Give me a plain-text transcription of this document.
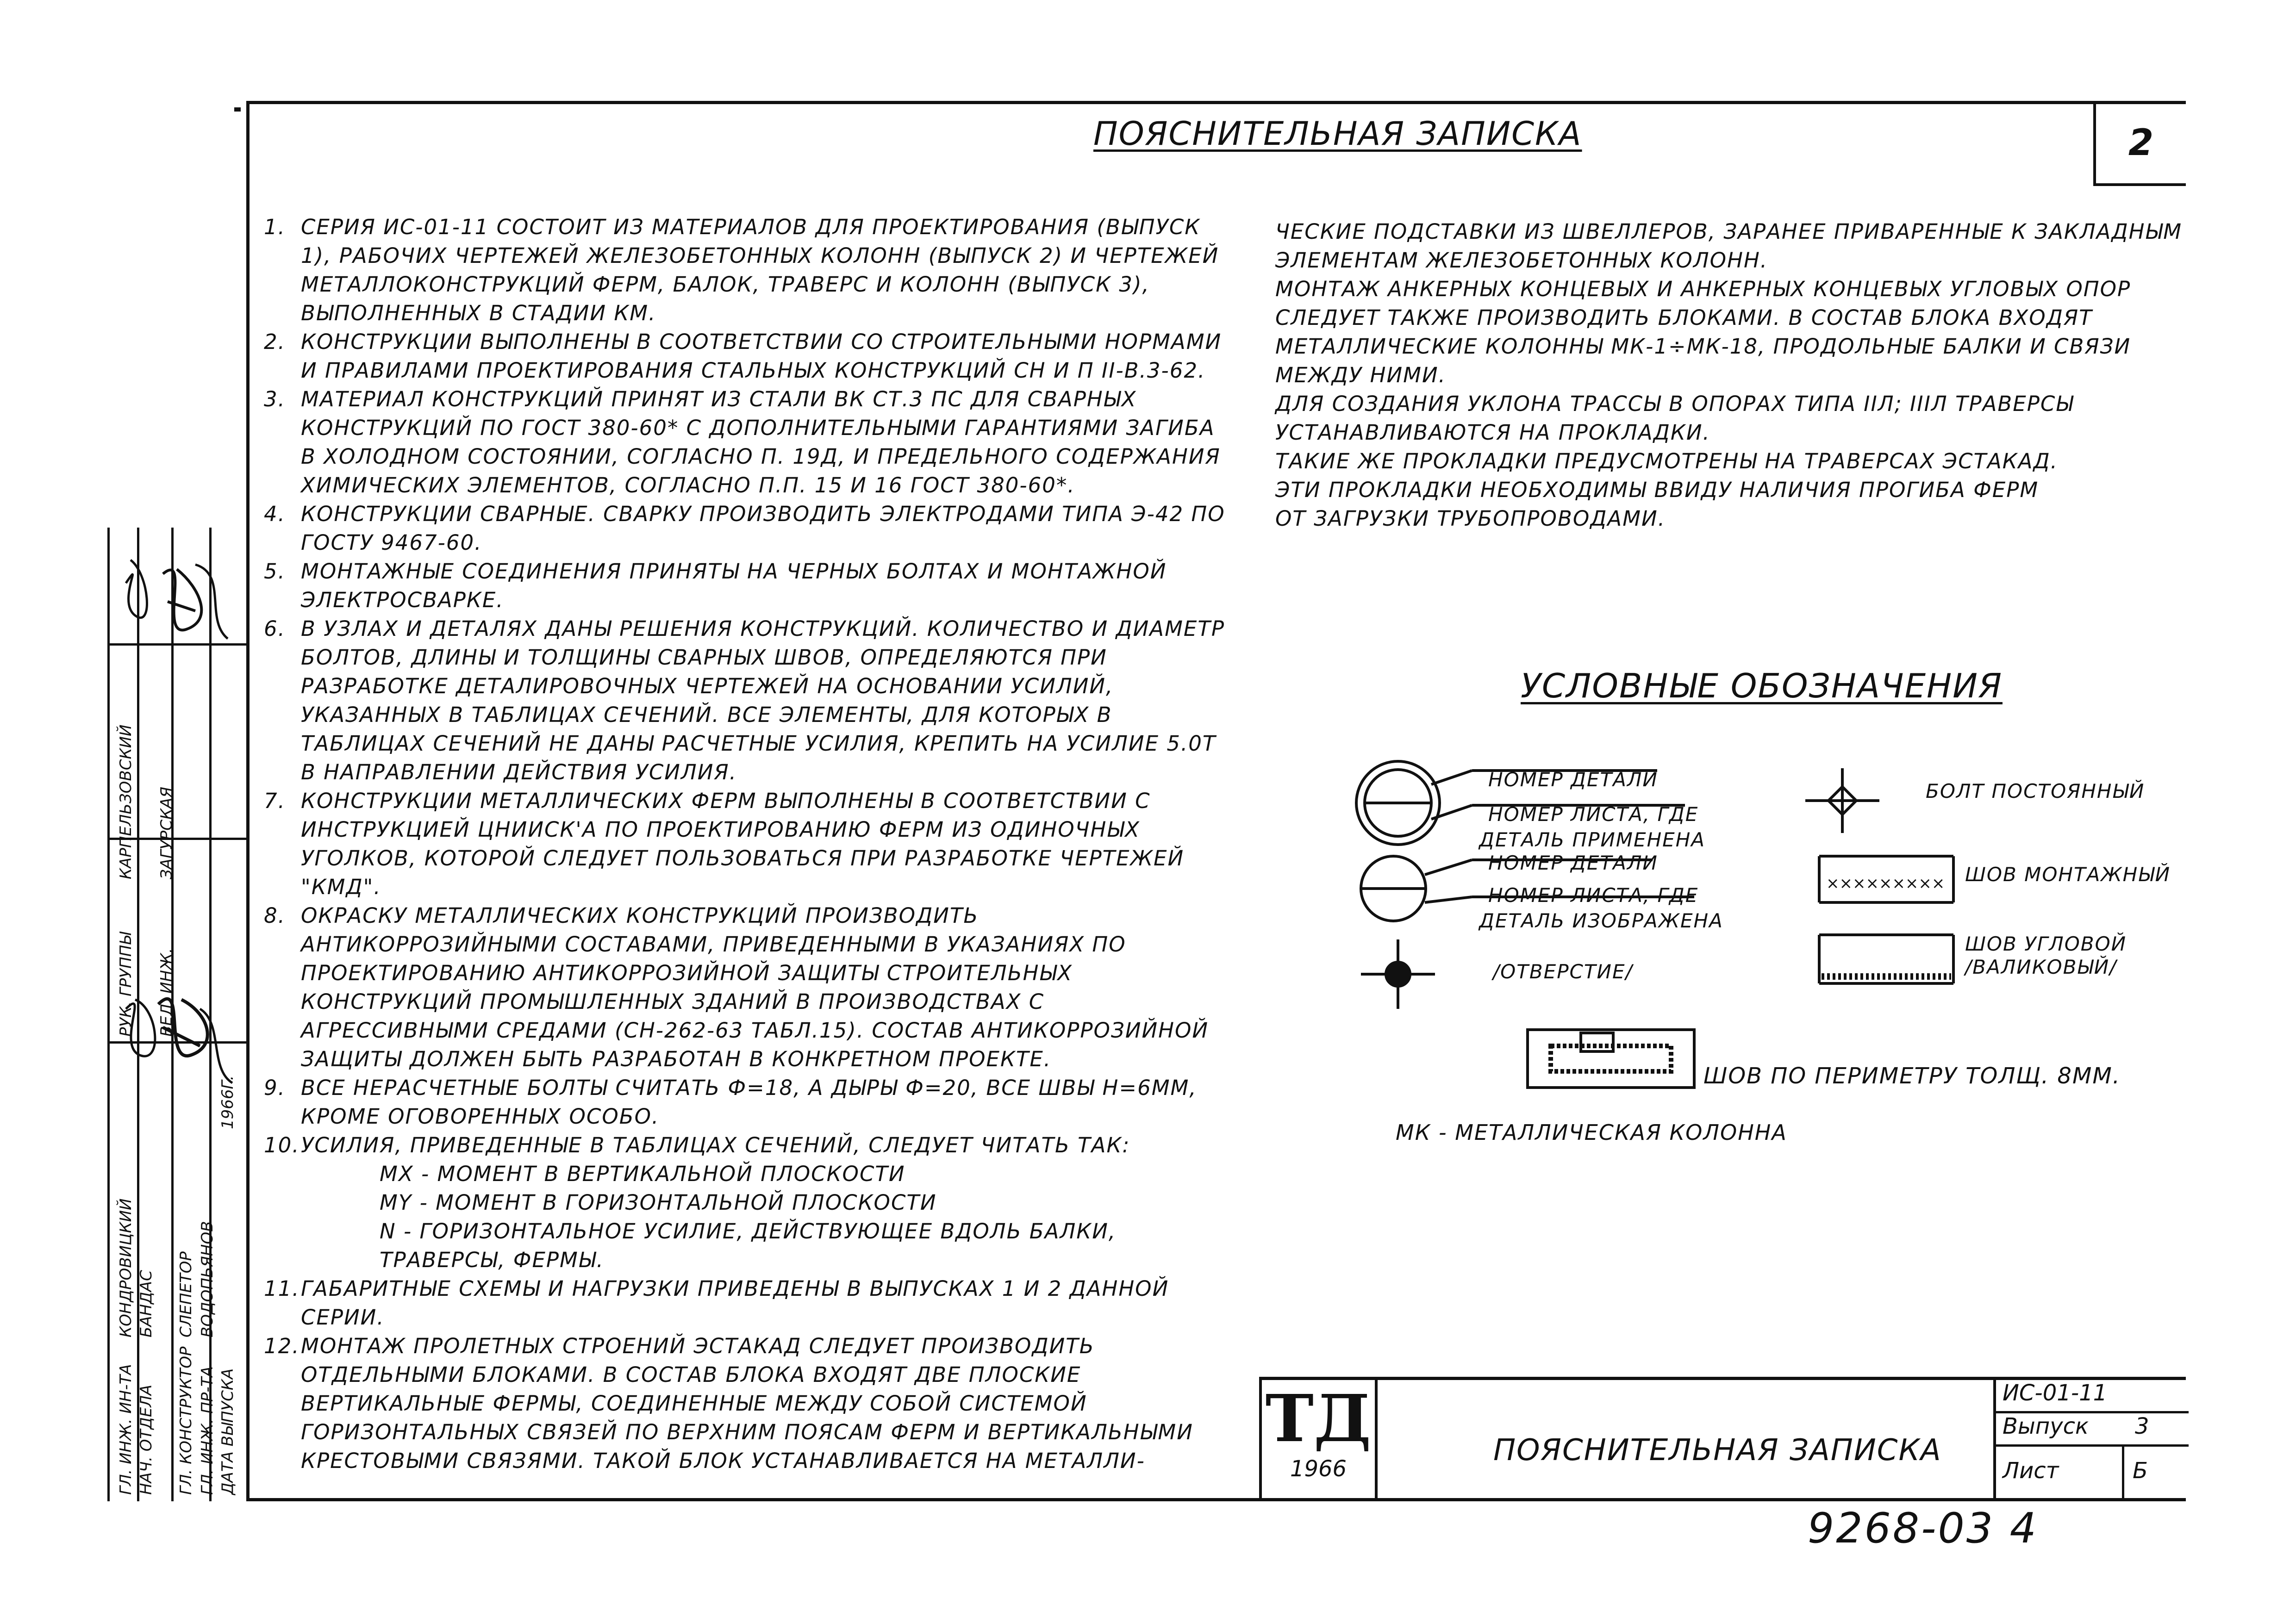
ПОЯСНИТЕЛЬНАЯ ЗАПИСКА	2
1. СЕРИЯ ИС-01-11 СОСТОИТ ИЗ МАТЕРИАЛОВ ДЛЯ ПРОЕКТИРОВАНИЯ (ВЫПУСК 1), РАБОЧИХ ЧЕРТЕЖЕЙ ЖЕЛЕЗОБЕТОННЫХ КОЛОНН (ВЫПУСК 2) И ЧЕРТЕЖЕЙ МЕТАЛЛОКОНСТРУКЦИЙ ФЕРМ, БАЛОК, ТРАВЕРС И КОЛОНН (ВЫПУСК 3), ВЫПОЛНЕННЫХ В СТАДИИ КМ.
2. КОНСТРУКЦИИ ВЫПОЛНЕНЫ В СООТВЕТСТВИИ СО СТРОИТЕЛЬНЫМИ НОРМАМИ И ПРАВИЛАМИ ПРОЕКТИРОВАНИЯ СТАЛЬНЫХ КОНСТРУКЦИЙ СН И П II-В.3-62.
3. МАТЕРИАЛ КОНСТРУКЦИЙ ПРИНЯТ ИЗ СТАЛИ ВК СТ.3 ПС ДЛЯ СВАРНЫХ КОНСТРУКЦИЙ ПО ГОСТ 380-60* С ДОПОЛНИТЕЛЬНЫМИ ГАРАНТИЯМИ ЗАГИБА В ХОЛОДНОМ СОСТОЯНИИ, СОГЛАСНО П. 19Д, И ПРЕДЕЛЬНОГО СОДЕРЖАНИЯ ХИМИЧЕСКИХ ЭЛЕМЕНТОВ, СОГЛАСНО П.П. 15 И 16 ГОСТ 380-60*.
4. КОНСТРУКЦИИ СВАРНЫЕ. СВАРКУ ПРОИЗВОДИТЬ ЭЛЕКТРОДАМИ ТИПА Э-42 ПО ГОСТУ 9467-60.
5. МОНТАЖНЫЕ СОЕДИНЕНИЯ ПРИНЯТЫ НА ЧЕРНЫХ БОЛТАХ И МОНТАЖНОЙ ЭЛЕКТРОСВАРКЕ.
6. В УЗЛАХ И ДЕТАЛЯХ ДАНЫ РЕШЕНИЯ КОНСТРУКЦИЙ. КОЛИЧЕСТВО И ДИАМЕТР БОЛТОВ, ДЛИНЫ И ТОЛЩИНЫ СВАРНЫХ ШВОВ, ОПРЕДЕЛЯЮТСЯ ПРИ РАЗРАБОТКЕ ДЕТАЛИРОВОЧНЫХ ЧЕРТЕЖЕЙ НА ОСНОВАНИИ УСИЛИЙ, УКАЗАННЫХ В ТАБЛИЦАХ СЕЧЕНИЙ. ВСЕ ЭЛЕМЕНТЫ, ДЛЯ КОТОРЫХ В ТАБЛИЦАХ СЕЧЕНИЙ НЕ ДАНЫ РАСЧЕТНЫЕ УСИЛИЯ, КРЕПИТЬ НА УСИЛИЕ 5.0Т В НАПРАВЛЕНИИ ДЕЙСТВИЯ УСИЛИЯ.
7. КОНСТРУКЦИИ МЕТАЛЛИЧЕСКИХ ФЕРМ ВЫПОЛНЕНЫ В СООТВЕТСТВИИ С ИНСТРУКЦИЕЙ ЦНИИСК'А ПО ПРОЕКТИРОВАНИЮ ФЕРМ ИЗ ОДИНОЧНЫХ УГОЛКОВ, КОТОРОЙ СЛЕДУЕТ ПОЛЬЗОВАТЬСЯ ПРИ РАЗРАБОТКЕ ЧЕРТЕЖЕЙ "КМД".
8. ОКРАСКУ МЕТАЛЛИЧЕСКИХ КОНСТРУКЦИЙ ПРОИЗВОДИТЬ АНТИКОРРОЗИЙНЫМИ СОСТАВАМИ, ПРИВЕДЕННЫМИ В УКАЗАНИЯХ ПО ПРОЕКТИРОВАНИЮ АНТИКОРРОЗИЙНОЙ ЗАЩИТЫ СТРОИТЕЛЬНЫХ КОНСТРУКЦИЙ ПРОМЫШЛЕННЫХ ЗДАНИЙ В ПРОИЗВОДСТВАХ С АГРЕССИВНЫМИ СРЕДАМИ (СН-262-63 ТАБЛ.15). СОСТАВ АНТИКОРРОЗИЙНОЙ ЗАЩИТЫ ДОЛЖЕН БЫТЬ РАЗРАБОТАН В КОНКРЕТНОМ ПРОЕКТЕ.
9. ВСЕ НЕРАСЧЕТНЫЕ БОЛТЫ СЧИТАТЬ Ф=18, А ДЫРЫ Ф=20, ВСЕ ШВЫ H=6ММ, КРОМЕ ОГОВОРЕННЫХ ОСОБО.
10. УСИЛИЯ, ПРИВЕДЕННЫЕ В ТАБЛИЦАХ СЕЧЕНИЙ, СЛЕДУЕТ ЧИТАТЬ ТАК:
MX - МОМЕНТ В ВЕРТИКАЛЬНОЙ ПЛОСКОСТИ
MY - МОМЕНТ В ГОРИЗОНТАЛЬНОЙ ПЛОСКОСТИ
N - ГОРИЗОНТАЛЬНОЕ УСИЛИЕ, ДЕЙСТВУЮЩЕЕ ВДОЛЬ БАЛКИ, ТРАВЕРСЫ, ФЕРМЫ.
11. ГАБАРИТНЫЕ СХЕМЫ И НАГРУЗКИ ПРИВЕДЕНЫ В ВЫПУСКАХ 1 И 2 ДАННОЙ СЕРИИ.
12. МОНТАЖ ПРОЛЕТНЫХ СТРОЕНИЙ ЭСТАКАД СЛЕДУЕТ ПРОИЗВОДИТЬ ОТДЕЛЬНЫМИ БЛОКАМИ. В СОСТАВ БЛОКА ВХОДЯТ ДВЕ ПЛОСКИЕ ВЕРТИКАЛЬНЫЕ ФЕРМЫ, СОЕДИНЕННЫЕ МЕЖДУ СОБОЙ СИСТЕМОЙ ГОРИЗОНТАЛЬНЫХ СВЯЗЕЙ ПО ВЕРХНИМ ПОЯСАМ ФЕРМ И ВЕРТИКАЛЬНЫМИ КРЕСТОВЫМИ СВЯЗЯМИ. ТАКОЙ БЛОК УСТАНАВЛИВАЕТСЯ НА МЕТАЛЛИ-
ЧЕСКИЕ ПОДСТАВКИ ИЗ ШВЕЛЛЕРОВ, ЗАРАНЕЕ ПРИВАРЕННЫЕ К ЗАКЛАДНЫМ
ЭЛЕМЕНТАМ ЖЕЛЕЗОБЕТОННЫХ КОЛОНН.
МОНТАЖ АНКЕРНЫХ КОНЦЕВЫХ И АНКЕРНЫХ КОНЦЕВЫХ УГЛОВЫХ ОПОР
СЛЕДУЕТ ТАКЖЕ ПРОИЗВОДИТЬ БЛОКАМИ. В СОСТАВ БЛОКА ВХОДЯТ
МЕТАЛЛИЧЕСКИЕ КОЛОННЫ МК-1÷МК-18, ПРОДОЛЬНЫЕ БАЛКИ И СВЯЗИ
МЕЖДУ НИМИ.
ДЛЯ СОЗДАНИЯ УКЛОНА ТРАССЫ В ОПОРАХ ТИПА IIЛ; IIIЛ ТРАВЕРСЫ
УСТАНАВЛИВАЮТСЯ НА ПРОКЛАДКИ.
ТАКИЕ ЖЕ ПРОКЛАДКИ ПРЕДУСМОТРЕНЫ НА ТРАВЕРСАХ ЭСТАКАД.
ЭТИ ПРОКЛАДКИ НЕОБХОДИМЫ ВВИДУ НАЛИЧИЯ ПРОГИБА ФЕРМ
ОТ ЗАГРУЗКИ ТРУБОПРОВОДАМИ.
УСЛОВНЫЕ ОБОЗНАЧЕНИЯ
×××××××××
НОМЕР ДЕТАЛИ
НОМЕР ЛИСТА, ГДЕ
ДЕТАЛЬ ПРИМЕНЕНА
НОМЕР ДЕТАЛИ
НОМЕР ЛИСТА, ГДЕ
ДЕТАЛЬ ИЗОБРАЖЕНА
/ОТВЕРСТИЕ/
БОЛТ ПОСТОЯННЫЙ
ШОВ МОНТАЖНЫЙ
ШОВ УГЛОВОЙ
/ВАЛИКОВЫЙ/
ШОВ ПО ПЕРИМЕТРУ ТОЛЩ. 8ММ.
МК - МЕТАЛЛИЧЕСКАЯ КОЛОННА
ТД
1966
ПОЯСНИТЕЛЬНАЯ ЗАПИСКА
ИС-01-11
Выпуск 3
Лист	Б
9268-03 4
ГЛ. ИНЖ. ИН-ТА НАЧ. ОТДЕЛА ГЛ. КОНСТРУКТОР ГЛ. ИНЖ. ПР-ТА ДАТА ВЫПУСКА
КОНДРОВИЦКИЙ БАНДАС СЛЕПЕТОР ВОДОПЬЯНОВ
1966Г.
РУК. ГРУППЫ ВЕД. ИНЖ.
КАРПЕЛЬЗОВСКИЙ ЗАГУРСКАЯ
